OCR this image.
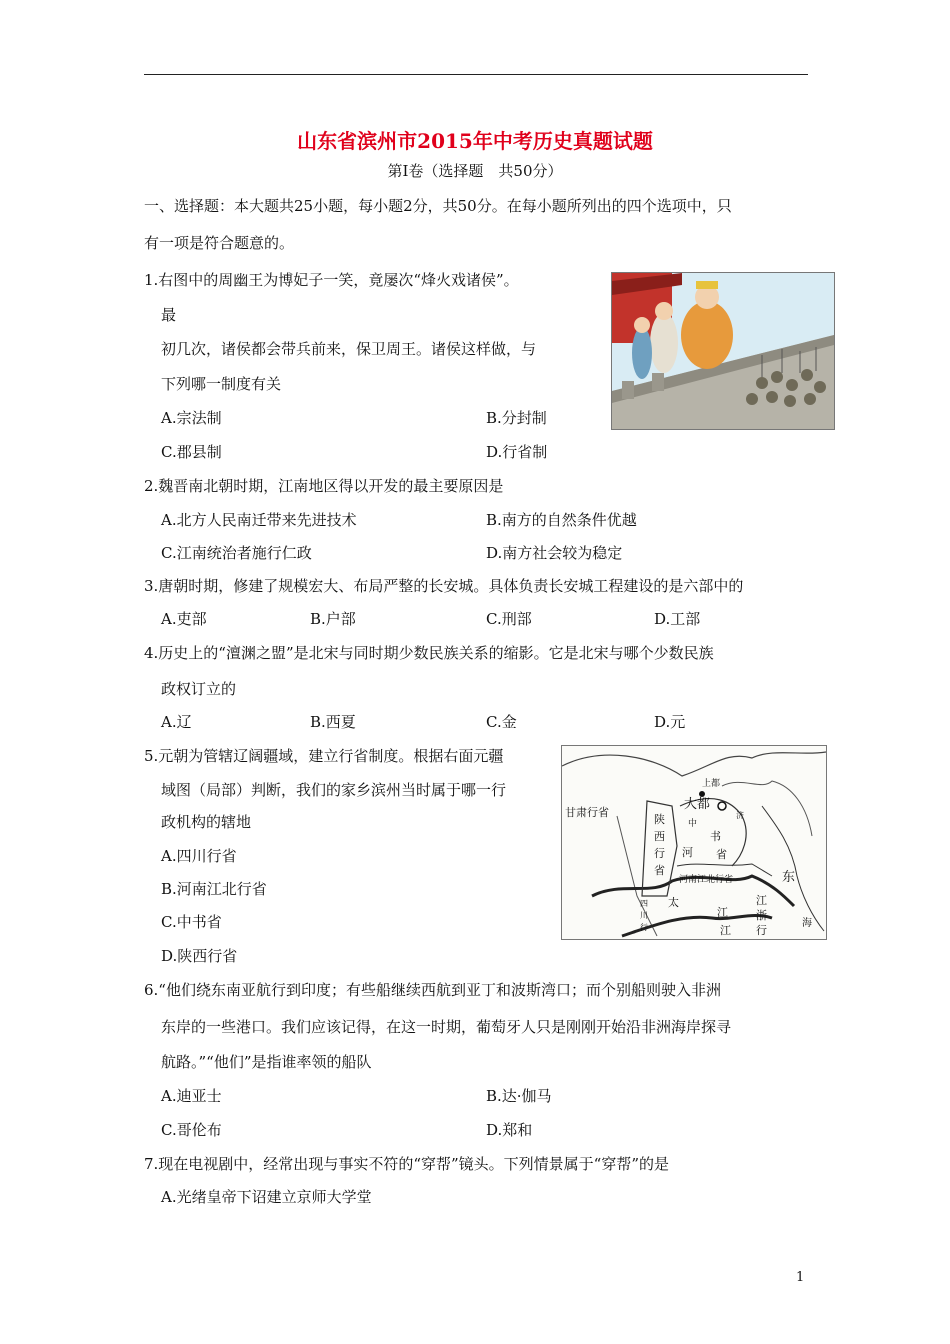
山东省滨州市2015年中考历史真题试题
第Ⅰ卷（选择题　共50分）
一、选择题：本大题共25小题，每小题2分，共50分。在每小题所列出的四个选项中，只
有一项是符合题意的。
1.右图中的周幽王为博妃子一笑，竟屡次“烽火戏诸侯”。
最
初几次，诸侯都会带兵前来，保卫周王。诸侯这样做，与
下列哪一制度有关
A.宗法制	B.分封制
C.郡县制	D.行省制
2.魏晋南北朝时期，江南地区得以开发的最主要原因是
A.北方人民南迁带来先进技术	B.南方的自然条件优越
C.江南统治者施行仁政	D.南方社会较为稳定
3.唐朝时期，修建了规模宏大、布局严整的长安城。具体负责长安城工程建设的是六部中的
A.吏部	B.户部	C.刑部	D.工部
4.历史上的“澶渊之盟”是北宋与同时期少数民族关系的缩影。它是北宋与哪个少数民族
政权订立的
A.辽	B.西夏	C.金	D.元
5.元朝为管辖辽阔疆域，建立行省制度。根据右面元疆
域图（局部）判断，我们的家乡滨州当时属于哪一行
政机构的辖地
A.四川行省
B.河南江北行省
C.中书省
D.陕西行省
甘肃行省
陕
西
行
省
上都
大都
中
书
省
河
济
河南江北行省
四
川
行
太
江
江
江
浙
行
东
海
6.“他们绕东南亚航行到印度；有些船继续西航到亚丁和波斯湾口；而个别船则驶入非洲
东岸的一些港口。我们应该记得，在这一时期，葡萄牙人只是刚刚开始沿非洲海岸探寻
航路。”“他们”是指谁率领的船队
A.迪亚士	B.达·伽马
C.哥伦布	D.郑和
7.现在电视剧中，经常出现与事实不符的“穿帮”镜头。下列情景属于“穿帮”的是
A.光绪皇帝下诏建立京师大学堂
1
